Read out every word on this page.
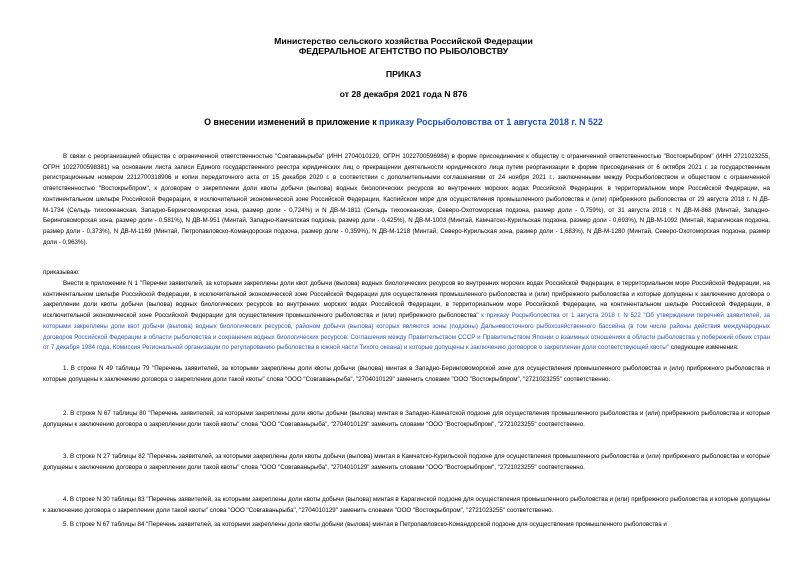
Министерство сельского хозяйства Российской Федерации
ФЕДЕРАЛЬНОЕ АГЕНТСТВО ПО РЫБОЛОВСТВУ
ПРИКАЗ
от 28 декабря 2021 года N 876
О внесении изменений в приложение к приказу Росрыболовства от 1 августа 2018 г. N 522

В связи с реорганизацией общества с ограниченной ответственностью "Совгаваньрыба" (ИНН 2704010129, ОГРН 1022700596984) в форме присоединения к обществу с ограниченной ответственностью "Востокрыбпром" (ИНН 2721023255, ОГРН 1022700598381) на основании листа записи Единого государственного реестра юридических лиц о прекращении деятельности юридического лица путем реорганизации в форме присоединения от 6 октября 2021 г. за государственным регистрационным номером 2212700318906 и копии передаточного акта от 15 декабря 2020 г. в соответствии с дополнительными соглашениями от 24 ноября 2021 г., заключенными между Росрыболовством и обществом с ограниченной ответственностью "Востокрыбпром", к договорам о закреплении доли квоты добычи (вылова) водных биологических ресурсов во внутренних морских водах Российской Федерации, в территориальном море Российской Федерации, на континентальном шельфе Российской Федерации, в исключительной экономической зоне Российской Федерации, Каспийском море для осуществления промышленного рыболовства и (или) прибрежного рыболовства от 29 августа 2018 г. N ДВ-М-1734 (Сельдь тихоокеанская, Западно-Беринговоморская зона, размер доли - 0,724%) и N ДВ-М-1811 (Сельдь тихоокеанская, Северо-Охотоморская подзона, размер доли - 0,759%), от 31 августа 2018 г. N ДВ-М-868 (Минтай, Западно-Беринговоморская зона, размер доли - 0,581%), N ДВ-М-951 (Минтай, Западно-Камчатская подзона, размер доли - 0,425%), N ДВ-М-1003 (Минтай, Камчатско-Курильская подзона, размер доли - 0,693%), N ДВ-М-1092 (Минтай, Карагинская подзона, размер доли - 0,373%), N ДВ-М-1169 (Минтай, Петропавловско-Командорская подзона, размер доли - 0,359%), N ДВ-М-1218 (Минтай, Северо-Курильская зона, размер доли - 1,683%), N ДВ-М-1280 (Минтай, Северо-Охотоморская подзона, размер доли - 0,963%).

приказываю:

Внести в приложение N 1 "Перечни заявителей, за которыми закреплены доли квот добычи (вылова) водных биологических ресурсов во внутренних морских водах Российской Федерации, в территориальном море Российской Федерации, на континентальном шельфе Российской Федерации, в исключительной экономической зоне Российской Федерации для осуществления промышленного рыболовства и (или) прибрежного рыболовства и которые допущены к заключению договора о закреплении доли квоты добычи (вылова) водных биологических ресурсов во внутренних морских водах Российской Федерации, в территориальном море Российской Федерации, на континентальном шельфе Российской Федерации, в исключительной экономической зоне Российской Федерации для осуществления промышленного рыболовства и (или) прибрежного рыболовства" к приказу Росрыболовства от 1 августа 2018 г. N 522 "Об утверждении перечней заявителей, за которыми закреплены доли квот добычи (вылова) водных биологических ресурсов, районом добычи (вылова) которых являются зоны (подзоны) Дальневосточного рыбохозяйственного бассейна (в том числе районы действия международных договоров Российской Федерации в области рыболовства и сохранения водных биологических ресурсов: Соглашения между Правительством СССР и Правительством Японии о взаимных отношениях в области рыболовства у побережий обеих стран от 7 декабря 1984 года, Комиссия Региональной организации по регулированию рыболовства в южной части Тихого океана) и которые допущены к заключению договоров о закреплении доли соответствующей квоты" следующие изменения:

1. В строке N 49 таблицы 79 "Перечень заявителей, за которыми закреплены доли квоты добычи (вылова) минтая в Западно-Беринговоморской зоне для осуществления промышленного рыболовства и (или) прибрежного рыболовства и которые допущены к заключению договора о закреплении доли такой квоты" слова "ООО "Совгаваньрыба", "2704010129" заменить словами "ООО "Востокрыбпром", "2721023255" соответственно.

2. В строке N 67 таблицы 80 "Перечень заявителей, за которыми закреплены доли квоты добычи (вылова) минтая в Западно-Камчатской подзоне для осуществления промышленного рыболовства и (или) прибрежного рыболовства и которые допущены к заключению договора о закреплении доли такой квоты" слова "ООО "Совгаваньрыба", "2704010129" заменить словами "ООО "Востокрыбпром", "2721023255" соответственно.

3. В строке N 27 таблицы 82 "Перечень заявителей, за которыми закреплены доли квоты добычи (вылова) минтая в Камчатско-Курильской подзоне для осуществления промышленного рыболовства и (или) прибрежного рыболовства и которые допущены к заключению договора о закреплении доли такой квоты" слова "ООО "Совгаваньрыба", "2704010129" заменить словами "ООО "Востокрыбпром", "2721023255" соответственно.

4. В строке N 30 таблицы 83 "Перечень заявителей, за которыми закреплены доли квоты добычи (вылова) минтая в Карагинской подзоне для осуществления промышленного рыболовства и (или) прибрежного рыболовства и которые допущены к заключению договора о закреплении доли такой квоты" слова "ООО "Совгаваньрыба", "2704010129" заменить словами "ООО "Востокрыбпром", "2721023255" соответственно.

5. В строке N 67 таблицы 84 "Перечень заявителей, за которыми закреплены доли квоты добычи (вылова) минтая в Петропавловско-Командорской подзоне для осуществления промышленного рыболовства и
